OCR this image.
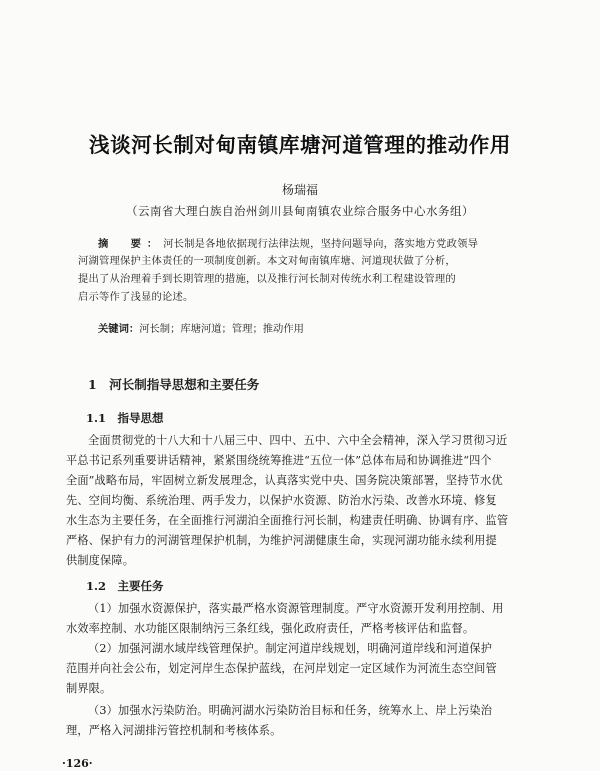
浅谈河长制对甸南镇库塘河道管理的推动作用
杨瑞福
（云南省大理白族自治州剑川县甸南镇农业综合服务中心水务组）
摘　要：河长制是各地依据现行法律法规，坚持问题导向，落实地方党政领导
河湖管理保护主体责任的一项制度创新。本文对甸南镇库塘、河道现状做了分析，
提出了从治理着手到长期管理的措施，以及推行河长制对传统水利工程建设管理的
启示等作了浅显的论述。
关键词：河长制；库塘河道；管理；推动作用
1　河长制指导思想和主要任务
1.1　指导思想
全面贯彻党的十八大和十八届三中、四中、五中、六中全会精神，深入学习贯彻习近
平总书记系列重要讲话精神，紧紧围绕统筹推进“五位一体”总体布局和协调推进“四个
全面”战略布局，牢固树立新发展理念，认真落实党中央、国务院决策部署，坚持节水优
先、空间均衡、系统治理、两手发力，以保护水资源、防治水污染、改善水环境、修复
水生态为主要任务，在全面推行河湖泊全面推行河长制，构建责任明确、协调有序、监管
严格、保护有力的河湖管理保护机制，为维护河湖健康生命，实现河湖功能永续利用提
供制度保障。
1.2　主要任务
（1）加强水资源保护，落实最严格水资源管理制度。严守水资源开发利用控制、用
水效率控制、水功能区限制纳污三条红线，强化政府责任，严格考核评估和监督。
（2）加强河湖水域岸线管理保护。制定河道岸线规划，明确河道岸线和河道保护
范围并向社会公布，划定河岸生态保护蓝线，在河岸划定一定区域作为河流生态空间管
制界限。
（3）加强水污染防治。明确河湖水污染防治目标和任务，统筹水上、岸上污染治
理，严格入河湖排污管控机制和考核体系。
·126·
